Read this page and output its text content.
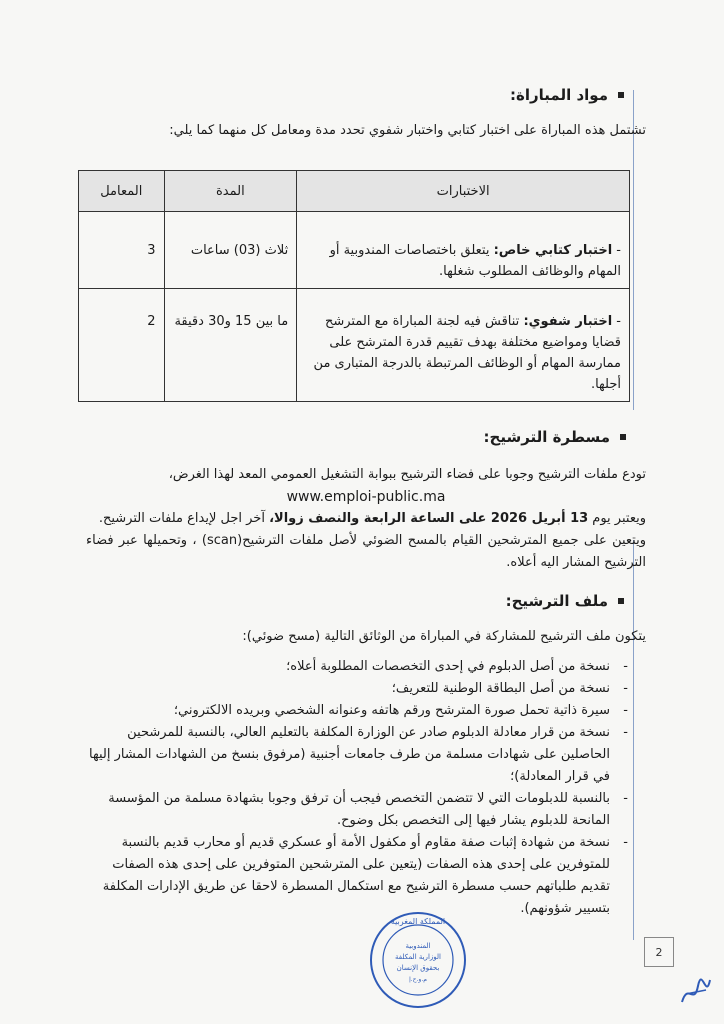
مواد المباراة:
تشتمل هذه المباراة على اختبار كتابي واختبار شفوي تحدد مدة ومعامل كل منهما كما يلي:
الاختبارات	المدة	المعامل
- اختبار كتابي خاص: يتعلق باختصاصات المندوبية أو المهام والوظائف المطلوب شغلها.	ثلاث (03) ساعات	3
- اختبار شفوي: تناقش فيه لجنة المباراة مع المترشح قضايا ومواضيع مختلفة بهدف تقييم قدرة المترشح على ممارسة المهام أو الوظائف المرتبطة بالدرجة المتبارى من أجلها.	ما بين 15 و30 دقيقة	2
مسطرة الترشيح:
تودع ملفات الترشيح وجوبا على فضاء الترشيح ببوابة التشغيل العمومي المعد لهذا الغرض،
www.emploi-public.ma
ويعتبر يوم 13 أبريل 2026 على الساعة الرابعة والنصف زوالا، آخر اجل لإيداع ملفات الترشيح.
ويتعين على جميع المترشحين القيام بالمسح الضوئي لأصل ملفات الترشيح(scan) ، وتحميلها عبر فضاء الترشيح المشار اليه أعلاه.
ملف الترشيح:
يتكون ملف الترشيح للمشاركة في المباراة من الوثائق التالية (مسح ضوئي):
-
نسخة من أصل الدبلوم في إحدى التخصصات المطلوبة أعلاه؛
-
نسخة من أصل البطاقة الوطنية للتعريف؛
-
سيرة ذاتية تحمل صورة المترشح ورقم هاتفه وعنوانه الشخصي وبريده الالكتروني؛
-
نسخة من قرار معادلة الدبلوم صادر عن الوزارة المكلفة بالتعليم العالي، بالنسبة للمرشحين الحاصلين على شهادات مسلمة من طرف جامعات أجنبية (مرفوق بنسخ من الشهادات المشار إليها في قرار المعادلة)؛
-
بالنسبة للدبلومات التي لا تتضمن التخصص فيجب أن ترفق وجوبا بشهادة مسلمة من المؤسسة المانحة للدبلوم يشار فيها إلى التخصص بكل وضوح.
-
نسخة من شهادة إثبات صفة مقاوم أو مكفول الأمة أو عسكري قديم أو محارب قديم بالنسبة للمتوفرين على إحدى هذه الصفات (يتعين على المترشحين المتوفرين على إحدى هذه الصفات تقديم طلباتهم حسب مسطرة الترشيح مع استكمال المسطرة لاحقا عن طريق الإدارات المكلفة بتسيير شؤونهم).
المملكة المغربية
المندوبية
الوزارية المكلفة
بحقوق الإنسان
م.و.ح.إ
2
